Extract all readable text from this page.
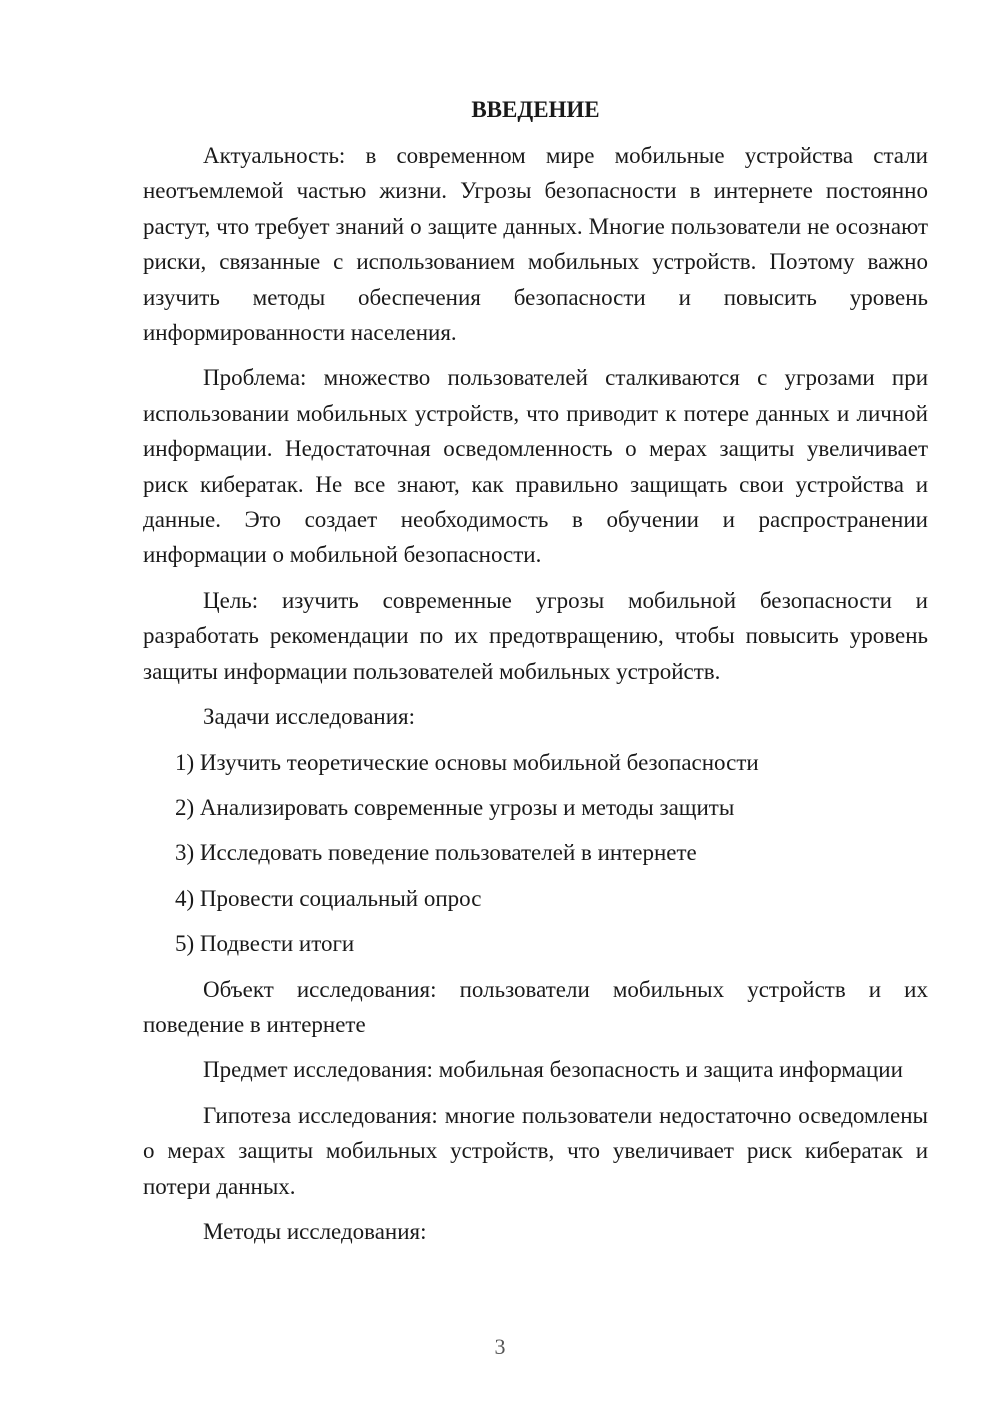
ВВЕДЕНИЕ

Актуальность: в современном мире мобильные устройства стали неотъемлемой частью жизни. Угрозы безопасности в интернете постоянно растут, что требует знаний о защите данных. Многие пользователи не осознают риски, связанные с использованием мобильных устройств. Поэтому важно изучить методы обеспечения безопасности и повысить уровень информированности населения.

Проблема: множество пользователей сталкиваются с угрозами при использовании мобильных устройств, что приводит к потере данных и личной информации. Недостаточная осведомленность о мерах защиты увеличивает риск кибератак. Не все знают, как правильно защищать свои устройства и данные. Это создает необходимость в обучении и распространении информации о мобильной безопасности.

Цель: изучить современные угрозы мобильной безопасности и разработать рекомендации по их предотвращению, чтобы повысить уровень защиты информации пользователей мобильных устройств.

Задачи исследования:

1) Изучить теоретические основы мобильной безопасности
2) Анализировать современные угрозы и методы защиты
3) Исследовать поведение пользователей в интернете
4) Провести социальный опрос
5) Подвести итоги

Объект исследования: пользователи мобильных устройств и их поведение в интернете

Предмет исследования: мобильная безопасность и защита информации

Гипотеза исследования: многие пользователи недостаточно осведомлены о мерах защиты мобильных устройств, что увеличивает риск кибератак и потери данных.

Методы исследования:

3
